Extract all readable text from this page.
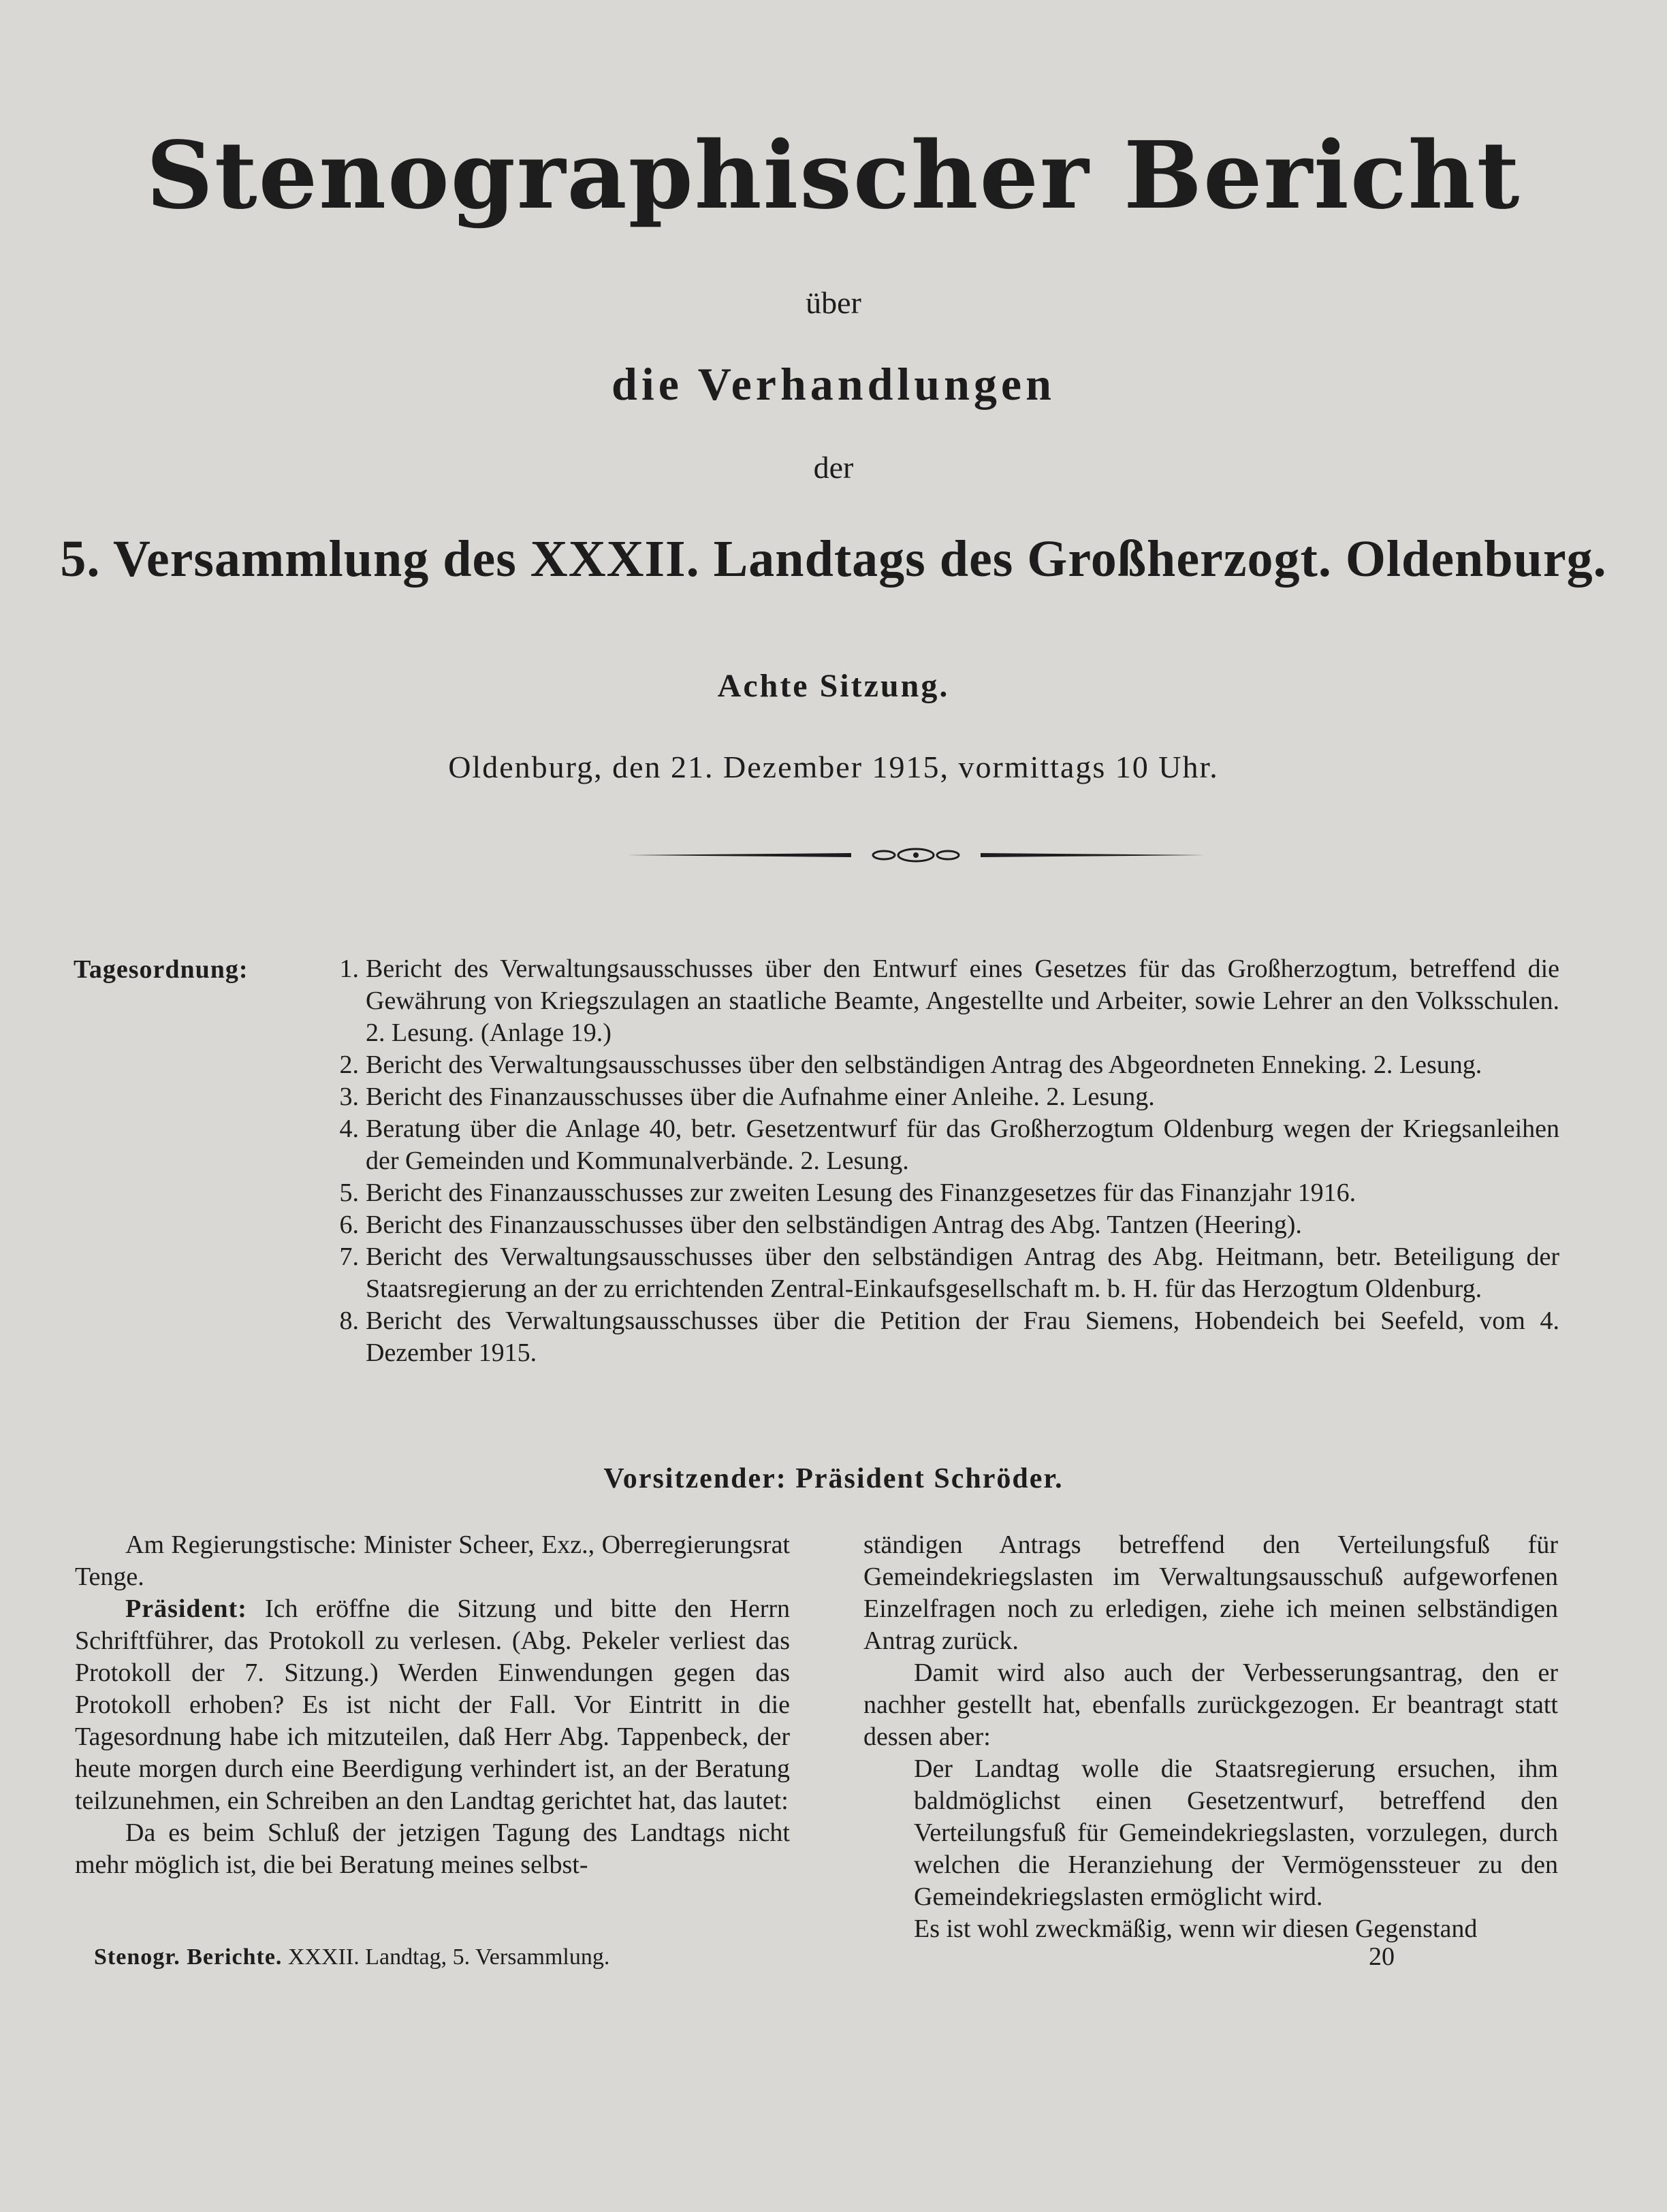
Stenographischer Bericht
über
die Verhandlungen
der
5. Versammlung des XXXII. Landtags des Großherzogt. Oldenburg.
Achte Sitzung.
Oldenburg, den 21. Dezember 1915, vormittags 10 Uhr.
Tagesordnung:	1. Bericht des Verwaltungsausschusses über den Entwurf eines Gesetzes für das Großherzogtum, betreffend die Gewährung von Kriegszulagen an staatliche Beamte, Angestellte und Arbeiter, sowie Lehrer an den Volksschulen. 2. Lesung. (Anlage 19.)
2. Bericht des Verwaltungsausschusses über den selbständigen Antrag des Abgeordneten Enneking. 2. Lesung.
3. Bericht des Finanzausschusses über die Aufnahme einer Anleihe. 2. Lesung.
4. Beratung über die Anlage 40, betr. Gesetzentwurf für das Großherzogtum Oldenburg wegen der Kriegsanleihen der Gemeinden und Kommunalverbände. 2. Lesung.
5. Bericht des Finanzausschusses zur zweiten Lesung des Finanzgesetzes für das Finanzjahr 1916.
6. Bericht des Finanzausschusses über den selbständigen Antrag des Abg. Tantzen (Heering).
7. Bericht des Verwaltungsausschusses über den selbständigen Antrag des Abg. Heitmann, betr. Beteiligung der Staatsregierung an der zu errichtenden Zentral-Einkaufsgesellschaft m. b. H. für das Herzogtum Oldenburg.
8. Bericht des Verwaltungsausschusses über die Petition der Frau Siemens, Hobendeich bei Seefeld, vom 4. Dezember 1915.
Vorsitzender: Präsident Schröder.

Am Regierungstische: Minister Scheer, Exz., Oberregierungsrat Tenge.

Präsident: Ich eröffne die Sitzung und bitte den Herrn Schriftführer, das Protokoll zu verlesen. (Abg. Pekeler verliest das Protokoll der 7. Sitzung.) Werden Einwendungen gegen das Protokoll erhoben? Es ist nicht der Fall. Vor Eintritt in die Tagesordnung habe ich mitzuteilen, daß Herr Abg. Tappenbeck, der heute morgen durch eine Beerdigung verhindert ist, an der Beratung teilzunehmen, ein Schreiben an den Landtag gerichtet hat, das lautet:

Da es beim Schluß der jetzigen Tagung des Landtags nicht mehr möglich ist, die bei Beratung meines selbst-

ständigen Antrags betreffend den Verteilungsfuß für Gemeindekriegslasten im Verwaltungsausschuß aufgeworfenen Einzelfragen noch zu erledigen, ziehe ich meinen selbständigen Antrag zurück.

Damit wird also auch der Verbesserungsantrag, den er nachher gestellt hat, ebenfalls zurückgezogen. Er beantragt statt dessen aber:

Der Landtag wolle die Staatsregierung ersuchen, ihm baldmöglichst einen Gesetzentwurf, betreffend den Verteilungsfuß für Gemeindekriegslasten, vorzulegen, durch welchen die Heranziehung der Vermögenssteuer zu den Gemeindekriegslasten ermöglicht wird.

Es ist wohl zweckmäßig, wenn wir diesen Gegenstand

Stenogr. Berichte. XXXII. Landtag, 5. Versammlung.	20
